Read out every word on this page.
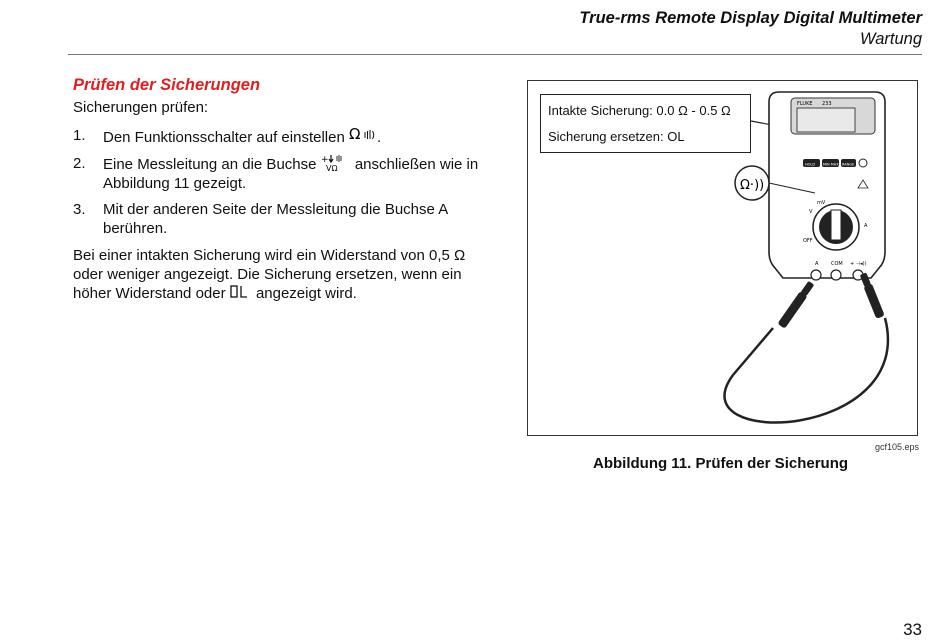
True-rms Remote Display Digital Multimeter
Wartung
Prüfen der Sicherungen
Sicherungen prüfen:
1. Den Funktionsschalter auf einstellen Ω .
2. Eine Messleitung an die Buchse +
VΩ anschließen wie in Abbildung 11 gezeigt.
3. Mit der anderen Seite der Messleitung die Buchse A berühren.
Bei einer intakten Sicherung wird ein Widerstand von 0,5 Ω oder weniger angezeigt. Die Sicherung ersetzen, wenn ein höher Widerstand oder angezeigt wird.
FLUKE 233
HOLD MIN MAX RANGE
OFF
mV
V
A
A	COM + ⊣◂))
Ω·))
Intakte Sicherung: 0.0 Ω - 0.5 Ω
Sicherung ersetzen: OL
gcf105.eps
Abbildung 11. Prüfen der Sicherung
33
